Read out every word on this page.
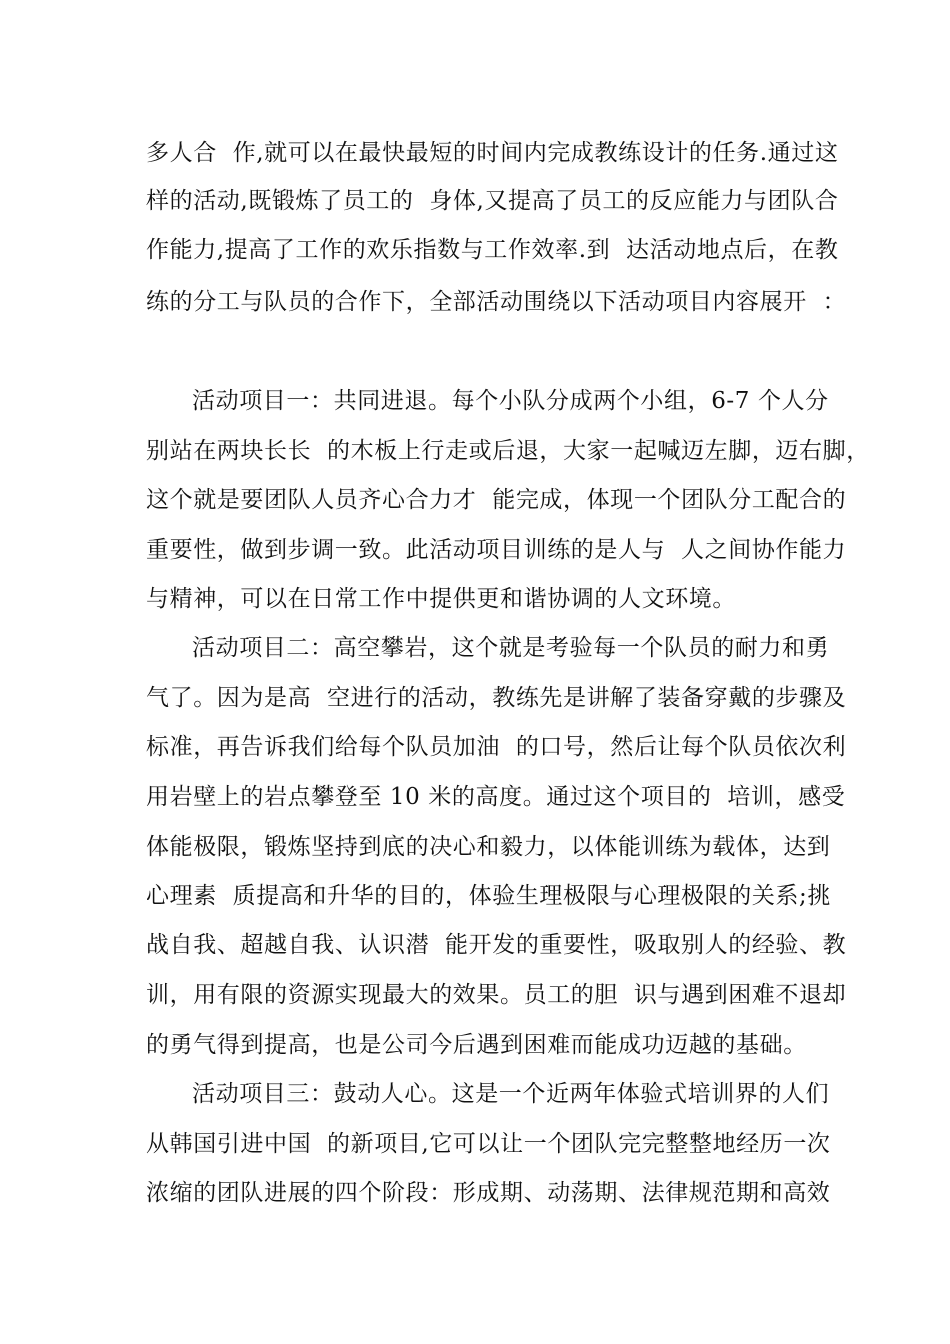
多人合  作,就可以在最快最短的时间内完成教练设计的任务.通过这
样的活动,既锻炼了员工的  身体,又提高了员工的反应能力与团队合
作能力,提高了工作的欢乐指数与工作效率.到  达活动地点后，在教
练的分工与队员的合作下，全部活动围绕以下活动项目内容展开  ：
活动项目一：共同进退。每个小队分成两个小组，6-7 个人分
别站在两块长长  的木板上行走或后退，大家一起喊迈左脚，迈右脚，
这个就是要团队人员齐心合力才  能完成，体现一个团队分工配合的
重要性，做到步调一致。此活动项目训练的是人与  人之间协作能力
与精神，可以在日常工作中提供更和谐协调的人文环境。
活动项目二：高空攀岩，这个就是考验每一个队员的耐力和勇
气了。因为是高  空进行的活动，教练先是讲解了装备穿戴的步骤及
标准，再告诉我们给每个队员加油  的口号，然后让每个队员依次利
用岩壁上的岩点攀登至 10 米的高度。通过这个项目的  培训，感受
体能极限，锻炼坚持到底的决心和毅力，以体能训练为载体，达到
心理素  质提高和升华的目的，体验生理极限与心理极限的关系;挑
战自我、超越自我、认识潜  能开发的重要性，吸取别人的经验、教
训，用有限的资源实现最大的效果。员工的胆  识与遇到困难不退却
的勇气得到提高，也是公司今后遇到困难而能成功迈越的基础。
活动项目三：鼓动人心。这是一个近两年体验式培训界的人们
从韩国引进中国  的新项目,它可以让一个团队完完整整地经历一次
浓缩的团队进展的四个阶段：形成期、动荡期、法律规范期和高效
